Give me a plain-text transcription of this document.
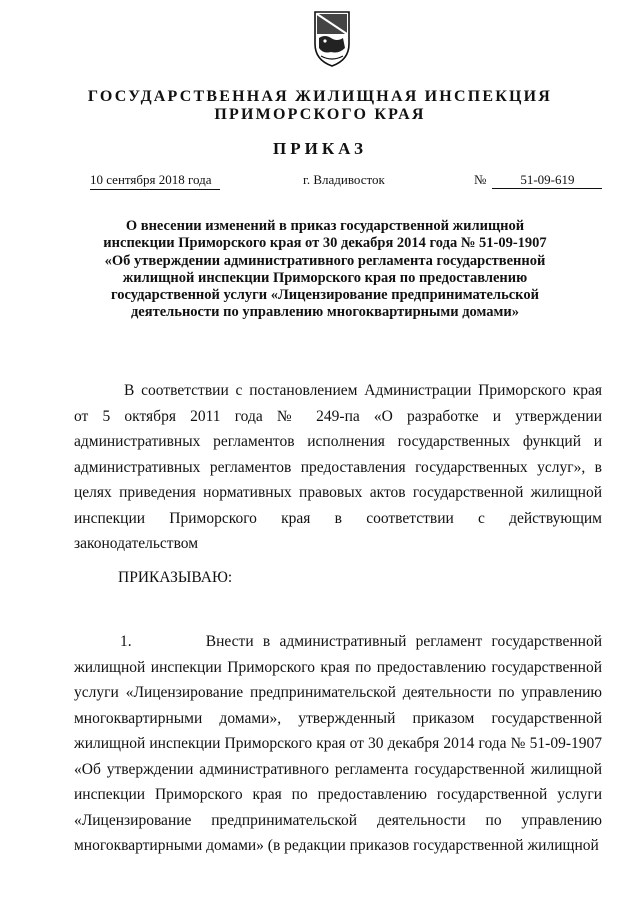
ГОСУДАРСТВЕННАЯ ЖИЛИЩНАЯ ИНСПЕКЦИЯ
ПРИМОРСКОГО КРАЯ
ПРИКАЗ
10 сентября 2018 года	г. Владивосток	№	51-09-619
О внесении изменений в приказ государственной жилищной инспекции Приморского края от 30 декабря 2014 года № 51-09-1907 «Об утверждении административного регламента государственной жилищной инспекции Приморского края по предоставлению государственной услуги «Лицензирование предпринимательской деятельности по управлению многоквартирными домами»
В соответствии с постановлением Администрации Приморского края от 5 октября 2011 года № 249-па «О разработке и утверждении административных регламентов исполнения государственных функций и административных регламентов предоставления государственных услуг», в целях приведения нормативных правовых актов государственной жилищной инспекции Приморского края в соответствии с действующим законодательством
ПРИКАЗЫВАЮ:
1.        Внести в административный регламент государственной жилищной инспекции Приморского края по предоставлению государственной услуги «Лицензирование предпринимательской деятельности по управлению многоквартирными домами», утвержденный приказом государственной жилищной инспекции Приморского края от 30 декабря 2014 года № 51-09-1907 «Об утверждении административного регламента государственной жилищной инспекции Приморского края по предоставлению государственной услуги «Лицензирование предпринимательской деятельности по управлению многоквартирными домами» (в редакции приказов государственной жилищной
